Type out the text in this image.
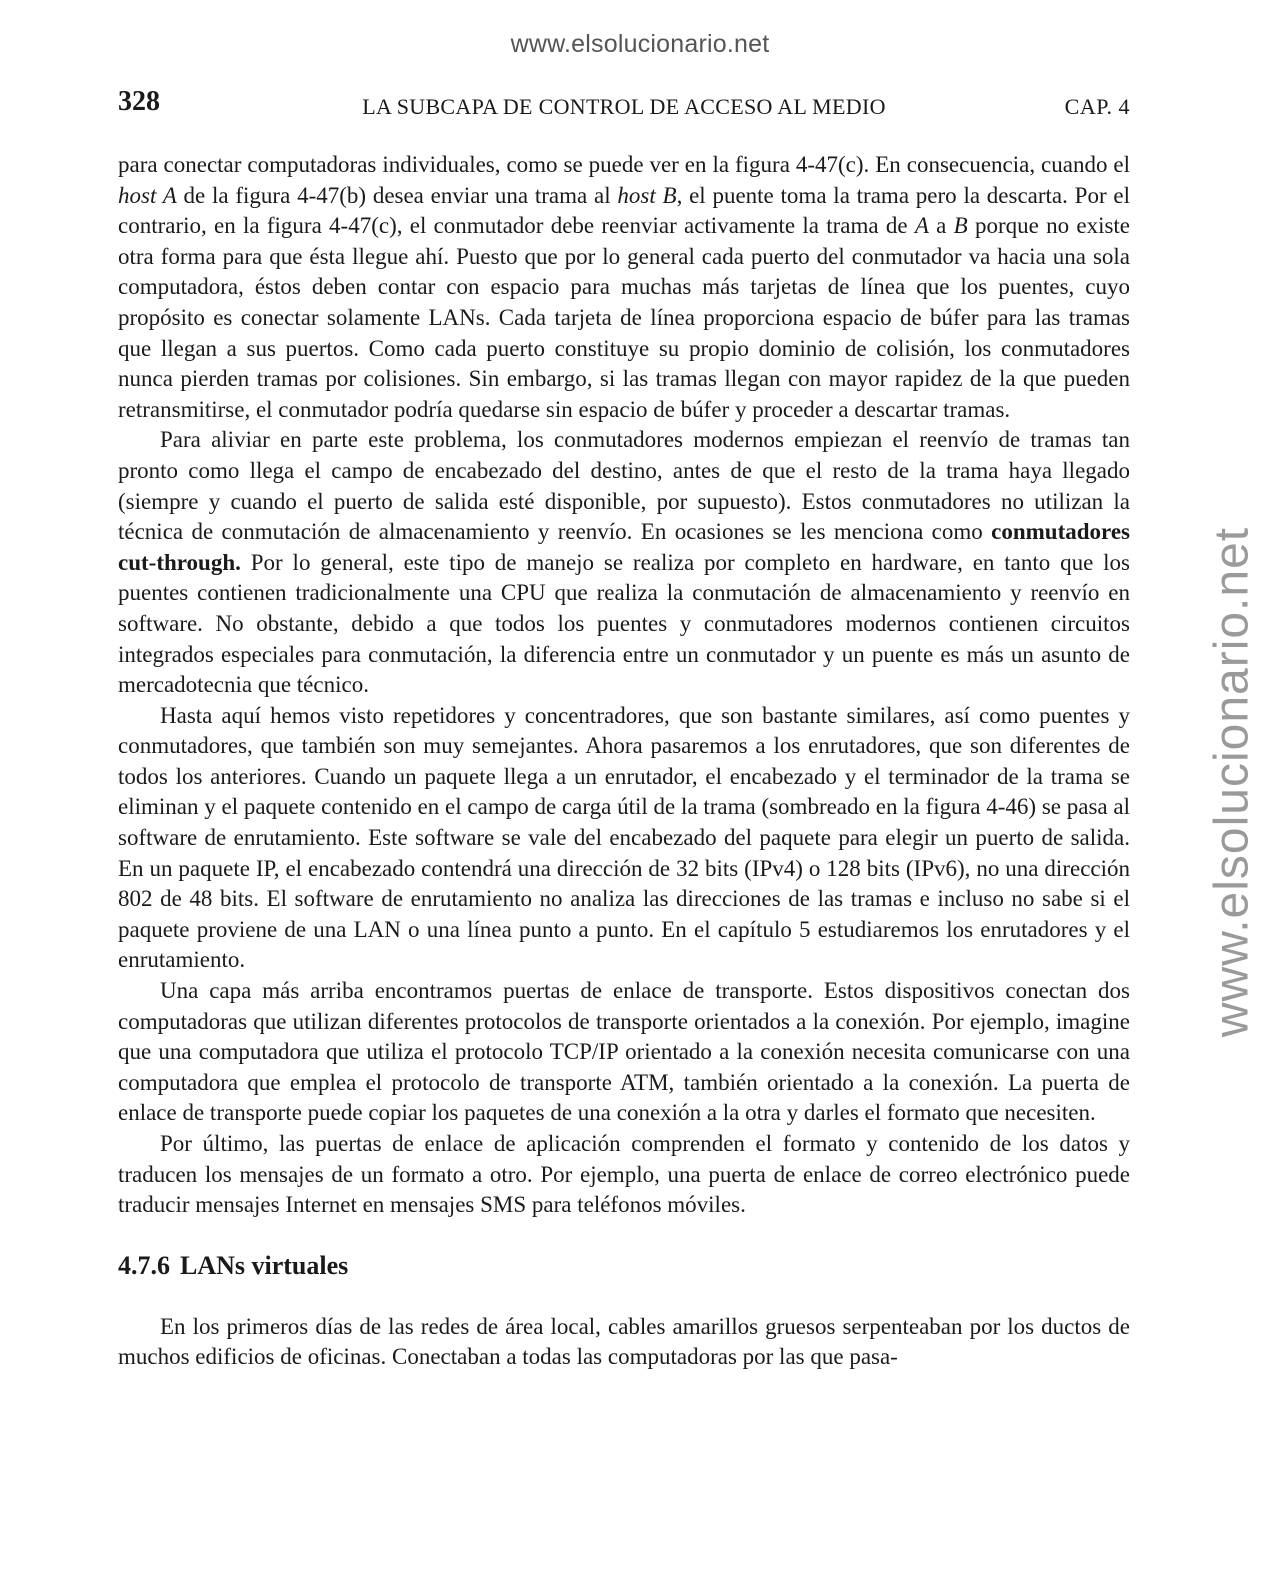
www.elsolucionario.net
www.elsolucionario.net
328	LA SUBCAPA DE CONTROL DE ACCESO AL MEDIO	CAP. 4

para conectar computadoras individuales, como se puede ver en la figura 4-47(c). En consecuencia, cuando el host A de la figura 4-47(b) desea enviar una trama al host B, el puente toma la trama pero la descarta. Por el contrario, en la figura 4-47(c), el conmutador debe reenviar activamente la trama de A a B porque no existe otra forma para que ésta llegue ahí. Puesto que por lo general cada puerto del conmutador va hacia una sola computadora, éstos deben contar con espacio para muchas más tarjetas de línea que los puentes, cuyo propósito es conectar solamente LANs. Cada tarjeta de línea proporciona espacio de búfer para las tramas que llegan a sus puertos. Como cada puerto constituye su propio dominio de colisión, los conmutadores nunca pierden tramas por colisiones. Sin embargo, si las tramas llegan con mayor rapidez de la que pueden retransmitirse, el conmutador podría quedarse sin espacio de búfer y proceder a descartar tramas.

Para aliviar en parte este problema, los conmutadores modernos empiezan el reenvío de tramas tan pronto como llega el campo de encabezado del destino, antes de que el resto de la trama haya llegado (siempre y cuando el puerto de salida esté disponible, por supuesto). Estos conmutadores no utilizan la técnica de conmutación de almacenamiento y reenvío. En ocasiones se les menciona como conmutadores cut-through. Por lo general, este tipo de manejo se realiza por completo en hardware, en tanto que los puentes contienen tradicionalmente una CPU que realiza la conmutación de almacenamiento y reenvío en software. No obstante, debido a que todos los puentes y conmutadores modernos contienen circuitos integrados especiales para conmutación, la diferencia entre un conmutador y un puente es más un asunto de mercadotecnia que técnico.

Hasta aquí hemos visto repetidores y concentradores, que son bastante similares, así como puentes y conmutadores, que también son muy semejantes. Ahora pasaremos a los enrutadores, que son diferentes de todos los anteriores. Cuando un paquete llega a un enrutador, el encabezado y el terminador de la trama se eliminan y el paquete contenido en el campo de carga útil de la trama (sombreado en la figura 4-46) se pasa al software de enrutamiento. Este software se vale del encabezado del paquete para elegir un puerto de salida. En un paquete IP, el encabezado contendrá una dirección de 32 bits (IPv4) o 128 bits (IPv6), no una dirección 802 de 48 bits. El software de enrutamiento no analiza las direcciones de las tramas e incluso no sabe si el paquete proviene de una LAN o una línea punto a punto. En el capítulo 5 estudiaremos los enrutadores y el enrutamiento.

Una capa más arriba encontramos puertas de enlace de transporte. Estos dispositivos conectan dos computadoras que utilizan diferentes protocolos de transporte orientados a la conexión. Por ejemplo, imagine que una computadora que utiliza el protocolo TCP/IP orientado a la conexión necesita comunicarse con una computadora que emplea el protocolo de transporte ATM, también orientado a la conexión. La puerta de enlace de transporte puede copiar los paquetes de una conexión a la otra y darles el formato que necesiten.

Por último, las puertas de enlace de aplicación comprenden el formato y contenido de los datos y traducen los mensajes de un formato a otro. Por ejemplo, una puerta de enlace de correo electrónico puede traducir mensajes Internet en mensajes SMS para teléfonos móviles.

4.7.6 LANs virtuales

En los primeros días de las redes de área local, cables amarillos gruesos serpenteaban por los ductos de muchos edificios de oficinas. Conectaban a todas las computadoras por las que pasa-
